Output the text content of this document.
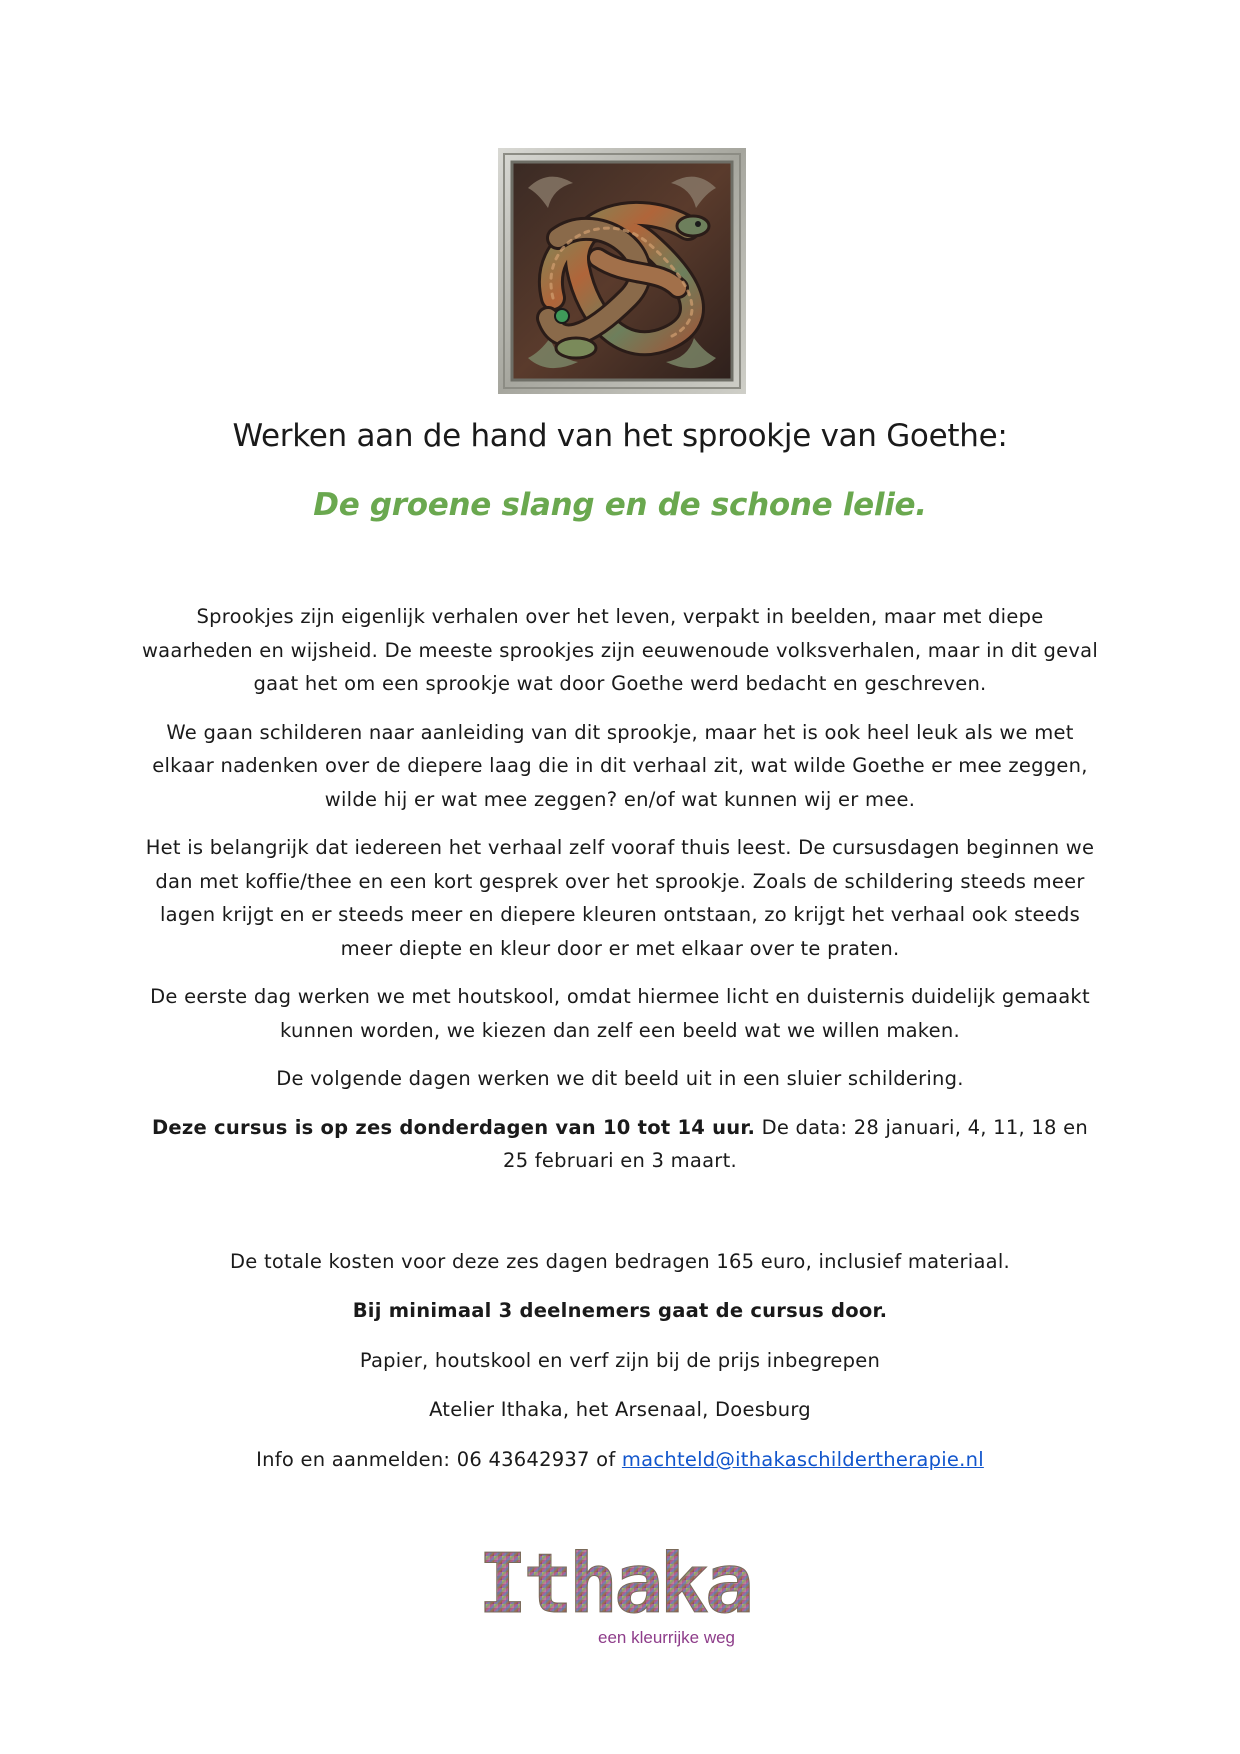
Werken aan de hand van het sprookje van Goethe:
De groene slang en de schone lelie.

Sprookjes zijn eigenlijk verhalen over het leven, verpakt in beelden, maar met diepe waarheden en wijsheid. De meeste sprookjes zijn eeuwenoude volksverhalen, maar in dit geval gaat het om een sprookje wat door Goethe werd bedacht en geschreven.

We gaan schilderen naar aanleiding van dit sprookje, maar het is ook heel leuk als we met elkaar nadenken over de diepere laag die in dit verhaal zit, wat wilde Goethe er mee zeggen, wilde hij er wat mee zeggen? en/of wat kunnen wij er mee.

Het is belangrijk dat iedereen het verhaal zelf vooraf thuis leest. De cursusdagen beginnen we dan met koffie/thee en een kort gesprek over het sprookje. Zoals de schildering steeds meer lagen krijgt en er steeds meer en diepere kleuren ontstaan, zo krijgt het verhaal ook steeds meer diepte en kleur door er met elkaar over te praten.

De eerste dag werken we met houtskool, omdat hiermee licht en duisternis duidelijk gemaakt kunnen worden, we kiezen dan zelf een beeld wat we willen maken.

De volgende dagen werken we dit beeld uit in een sluier schildering.

Deze cursus is op zes donderdagen van 10 tot 14 uur. De data: 28 januari, 4, 11, 18 en 25 februari en 3 maart.

De totale kosten voor deze zes dagen bedragen 165 euro, inclusief materiaal.

Bij minimaal 3 deelnemers gaat de cursus door.

Papier, houtskool en verf zijn bij de prijs inbegrepen

Atelier Ithaka, het Arsenaal, Doesburg

Info en aanmelden: 06 43642937 of machteld@ithakaschildertherapie.nl

Ithaka
een kleurrijke weg
